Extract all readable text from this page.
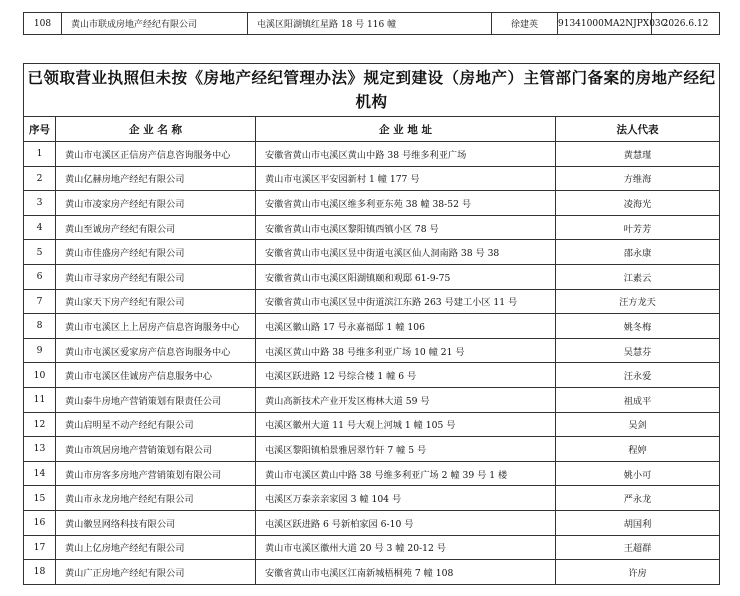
108	黄山市联成房地产经纪有限公司	屯溪区阳湖镇红星路 18 号 116 幢	徐建英	91341000MA2NJPX03C	2026.6.12
已领取营业执照但未按《房地产经纪管理办法》规定到建设（房地产）主管部门备案的房地产经纪机构			
序号	企 业 名 称	企 业 地 址	法人代表
1	黄山市屯溪区正信房产信息咨询服务中心	安徽省黄山市屯溪区黄山中路 38 号维多利亚广场	黄慧瑾
2	黄山亿赫房地产经纪有限公司	黄山市屯溪区平安园新村 1 幢 177 号	方维海
3	黄山市凌家房产经纪有限公司	安徽省黄山市屯溪区维多利亚东苑 38 幢 38-52 号	凌海光
4	黄山至诚房产经纪有限公司	安徽省黄山市屯溪区黎阳镇西镇小区 78 号	叶芳芳
5	黄山市佳盛房产经纪有限公司	安徽省黄山市屯溪区昱中街道屯溪区仙人洞南路 38 号 38	邵永康
6	黄山市寻家房产经纪有限公司	安徽省黄山市屯溪区阳湖镇颐和观邸 61-9-75	江素云
7	黄山家天下房产经纪有限公司	安徽省黄山市屯溪区昱中街道滨江东路 263 号建工小区 11 号	汪方龙天
8	黄山市屯溪区上上居房产信息咨询服务中心	屯溪区徽山路 17 号永嘉福邸 1 幢 106	姚冬梅
9	黄山市屯溪区爱家房产信息咨询服务中心	屯溪区黄山中路 38 号维多利亚广场 10 幢 21 号	吴慧芬
10	黄山市屯溪区佳诚房产信息服务中心	屯溪区跃进路 12 号综合楼 1 幢 6 号	汪永爱
11	黄山泰牛房地产营销策划有限责任公司	黄山高新技术产业开发区梅林大道 59 号	祖成平
12	黄山启明星不动产经纪有限公司	屯溪区徽州大道 11 号大观上河城 1 幢 105 号	吴剑
13	黄山市筑居房地产营销策划有限公司	屯溪区黎阳镇柏景雅居翠竹轩 7 幢 5 号	程婷
14	黄山市房客多房地产营销策划有限公司	黄山市屯溪区黄山中路 38 号维多利亚广场 2 幢 39 号 1 楼	姚小可
15	黄山市永龙房地产经纪有限公司	屯溪区万泰亲亲家园 3 幢 104 号	严永龙
16	黄山徽昱网络科技有限公司	屯溪区跃进路 6 号新柏家园 6-10 号	胡国利
17	黄山上亿房地产经纪有限公司	黄山市屯溪区徽州大道 20 号 3 幢 20-12 号	王超群
18	黄山广正房地产经纪有限公司	安徽省黄山市屯溪区江南新城梧桐苑 7 幢 108	许房
